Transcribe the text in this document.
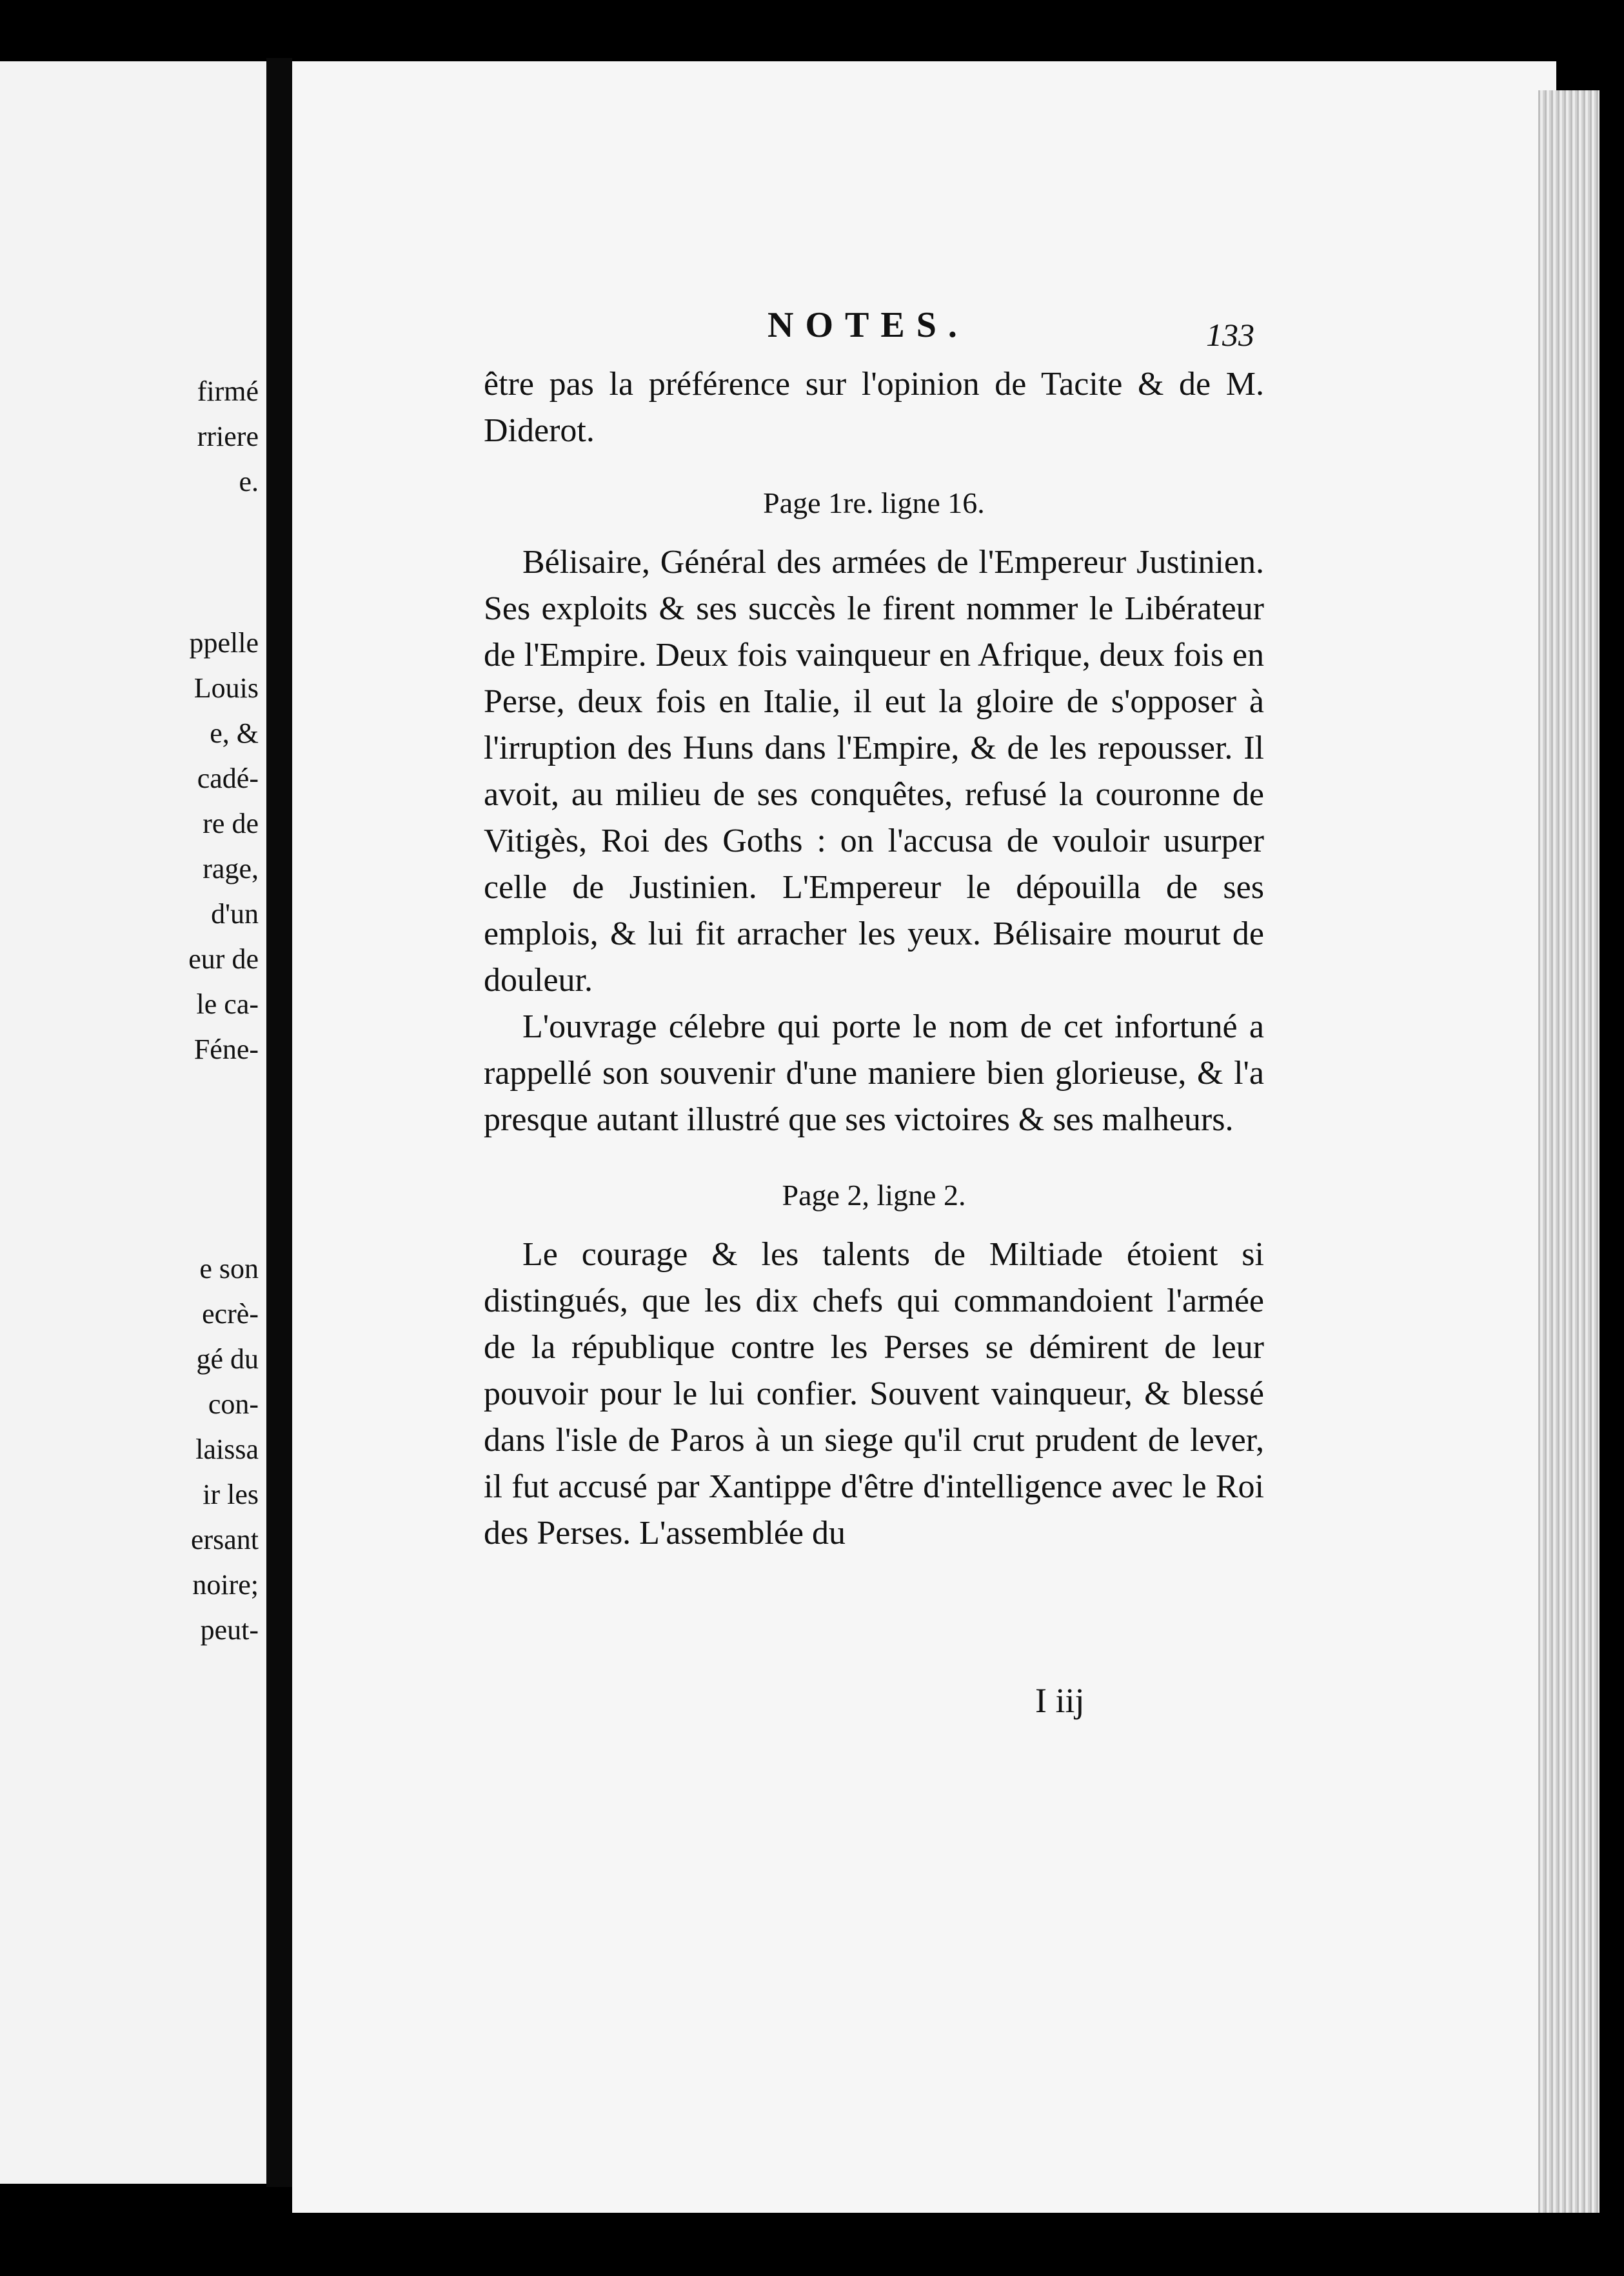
firmé
rriere
e.
ppelle
Louis
e, &
cadé-
re de
rage,
d'un
eur de
le ca-
Féne-
e son
ecrè-
gé du
con-
laissa
ir les
ersant
noire;
peut-
NOTES.	133

être pas la préférence sur l'opinion de Tacite & de M. Diderot.

Page 1re. ligne 16.

Bélisaire, Général des armées de l'Empereur Justinien. Ses exploits & ses succès le firent nommer le Libérateur de l'Empire. Deux fois vainqueur en Afrique, deux fois en Perse, deux fois en Italie, il eut la gloire de s'opposer à l'irruption des Huns dans l'Empire, & de les repousser. Il avoit, au milieu de ses conquêtes, refusé la couronne de Vitigès, Roi des Goths : on l'accusa de vouloir usurper celle de Justinien. L'Empereur le dépouilla de ses emplois, & lui fit arracher les yeux. Bélisaire mourut de douleur.

L'ouvrage célebre qui porte le nom de cet infortuné a rappellé son souvenir d'une maniere bien glorieuse, & l'a presque autant illustré que ses victoires & ses malheurs.

Page 2, ligne 2.

Le courage & les talents de Miltiade étoient si distingués, que les dix chefs qui commandoient l'armée de la république contre les Perses se démirent de leur pouvoir pour le lui confier. Souvent vainqueur, & blessé dans l'isle de Paros à un siege qu'il crut prudent de lever, il fut accusé par Xantippe d'être d'intelligence avec le Roi des Perses. L'assemblée du

I iij
